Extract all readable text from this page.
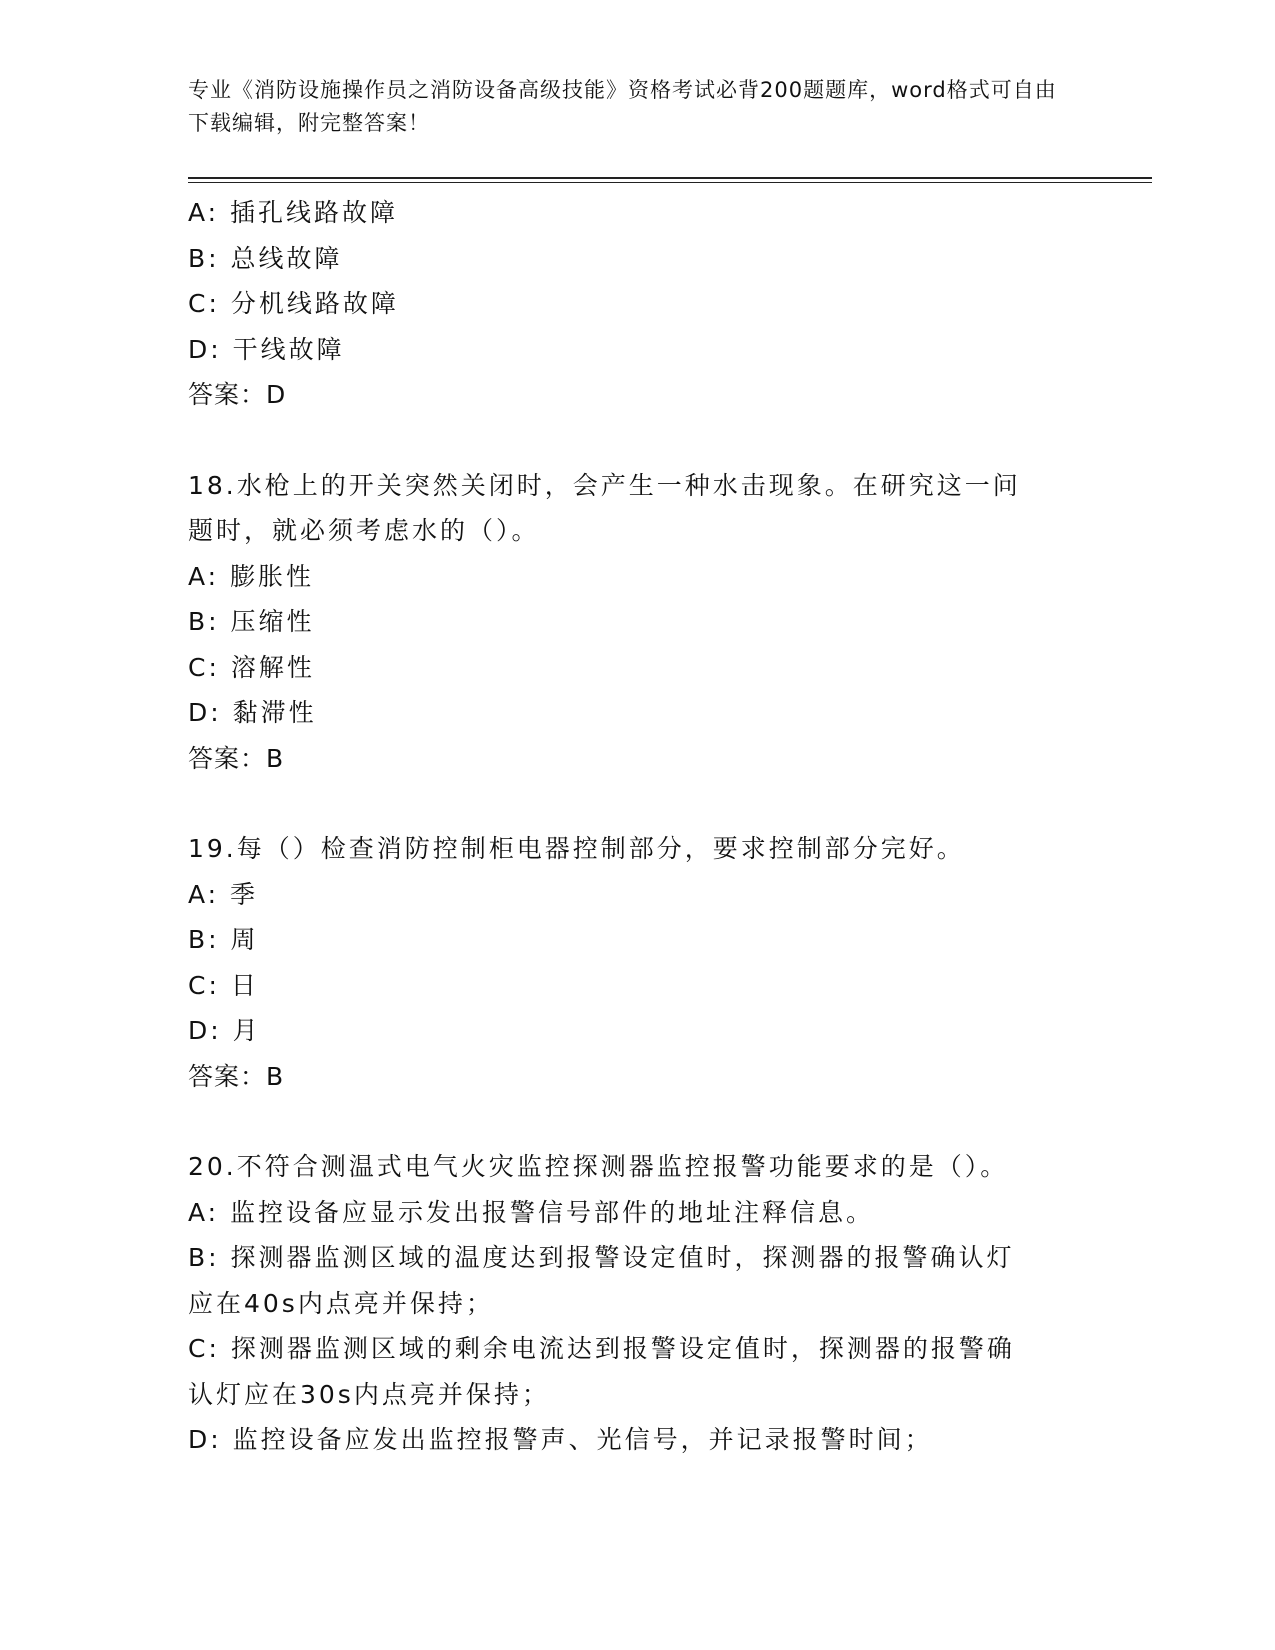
专业《消防设施操作员之消防设备高级技能》资格考试必背200题题库，word格式可自由下载编辑，附完整答案！
A: 插孔线路故障
B: 总线故障
C: 分机线路故障
D: 干线故障
答案：D
18.水枪上的开关突然关闭时，会产生一种水击现象。在研究这一问题时，就必须考虑水的（）。
A: 膨胀性
B: 压缩性
C: 溶解性
D: 黏滞性
答案：B
19.每（）检查消防控制柜电器控制部分，要求控制部分完好。
A: 季
B: 周
C: 日
D: 月
答案：B
20.不符合测温式电气火灾监控探测器监控报警功能要求的是（）。
A: 监控设备应显示发出报警信号部件的地址注释信息。
B: 探测器监测区域的温度达到报警设定值时，探测器的报警确认灯应在40s内点亮并保持；
C: 探测器监测区域的剩余电流达到报警设定值时，探测器的报警确认灯应在30s内点亮并保持；
D: 监控设备应发出监控报警声、光信号，并记录报警时间；
